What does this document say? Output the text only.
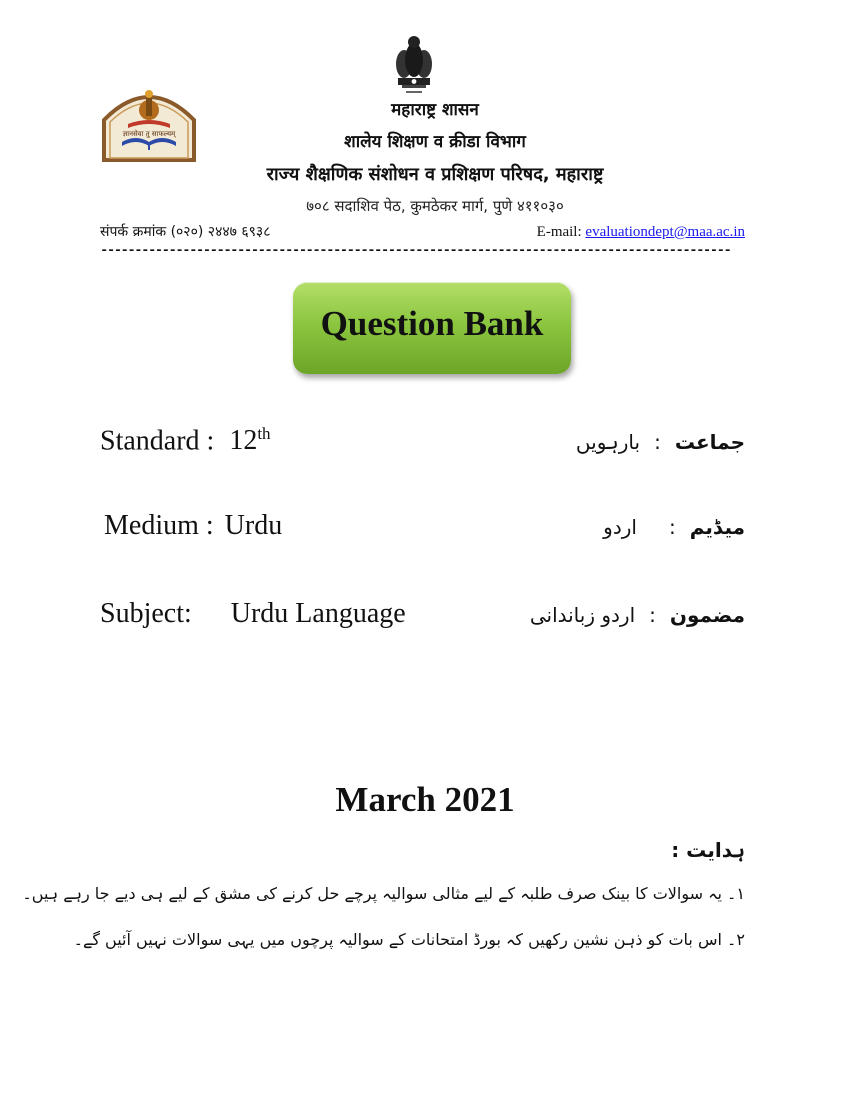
ज्ञानसेवा तु साफल्यम्
महाराष्ट्र शासन
शालेय शिक्षण व क्रीडा विभाग
राज्य शैक्षणिक संशोधन व प्रशिक्षण परिषद, महाराष्ट्र
७०८ सदाशिव पेठ, कुमठेकर मार्ग, पुणे ४११०३०
संपर्क क्रमांक (०२०) २४४७ ६९३८	E-mail: evaluationdept@maa.ac.in
--------------------------------------------------------------------------------------------
Question Bank
Standard : 12th
Medium : Urdu
Subject: Urdu Language
جماعت:بارہویں
میڈیم:اردو
مضمون:اردو زباندانی
March 2021
ہدایت :
۱۔ یہ سوالات کا بینک صرف طلبہ کے لیے مثالی سوالیہ پرچے حل کرنے کی مشق کے لیے ہی دیے جا رہے ہیں۔
۲۔ اس بات کو ذہن نشین رکھیں کہ بورڈ امتحانات کے سوالیہ پرچوں میں یہی سوالات نہیں آئیں گے۔
